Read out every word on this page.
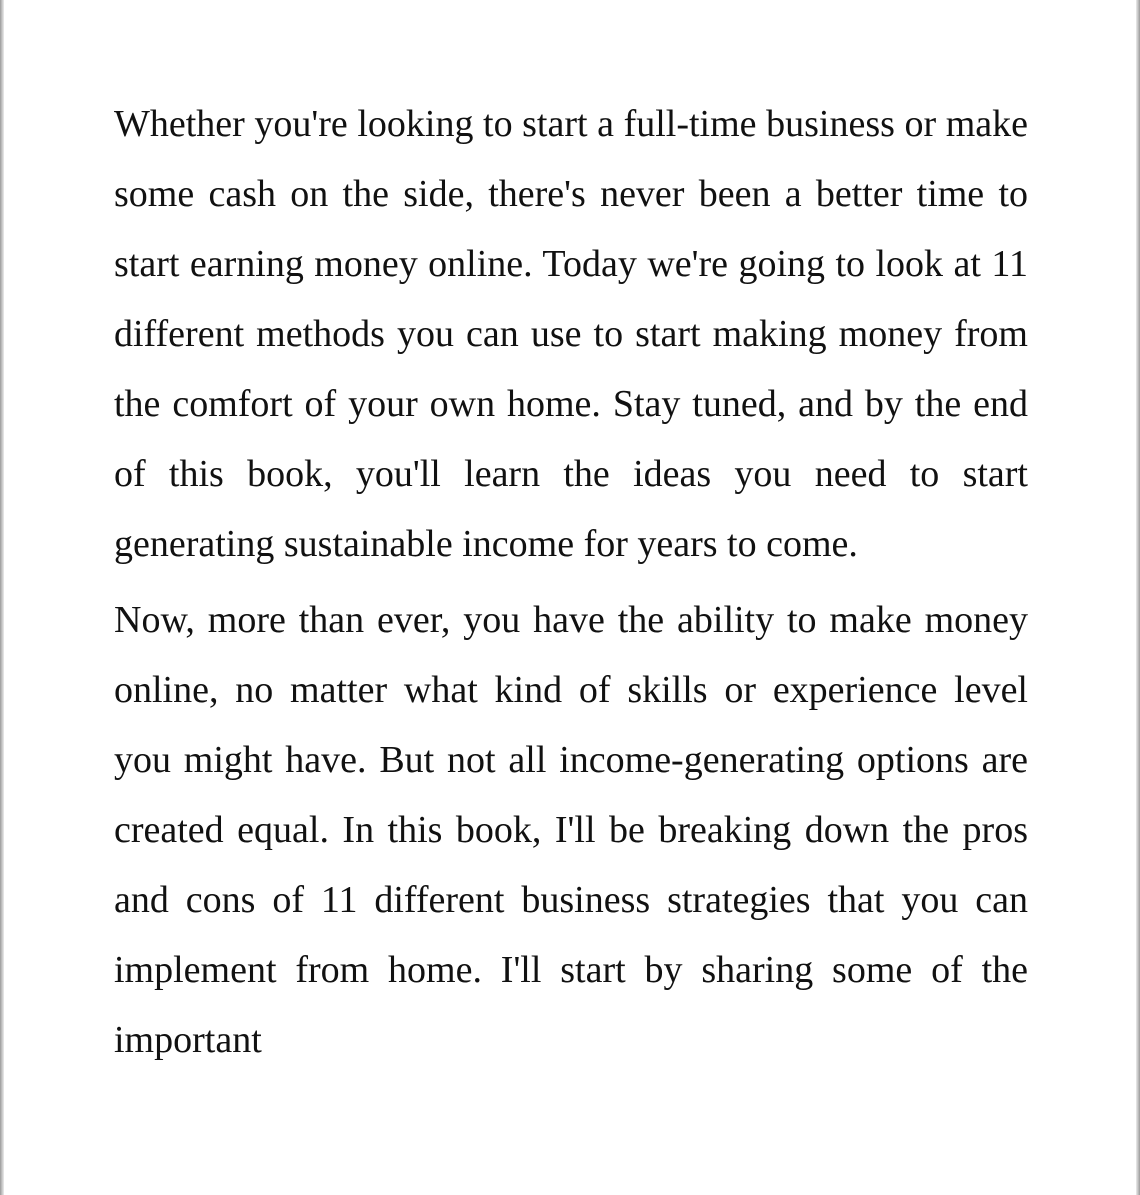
Whether you're looking to start a full-time business or make some cash on the side, there's never been a better time to start earning money online. Today we're going to look at 11 different methods you can use to start making money from the comfort of your own home. Stay tuned, and by the end of this book, you'll learn the ideas you need to start generating sustainable income for years to come.

Now, more than ever, you have the ability to make money online, no matter what kind of skills or experience level you might have. But not all income-generating options are created equal. In this book, I'll be breaking down the pros and cons of 11 different business strategies that you can implement from home. I'll start by sharing some of the important
